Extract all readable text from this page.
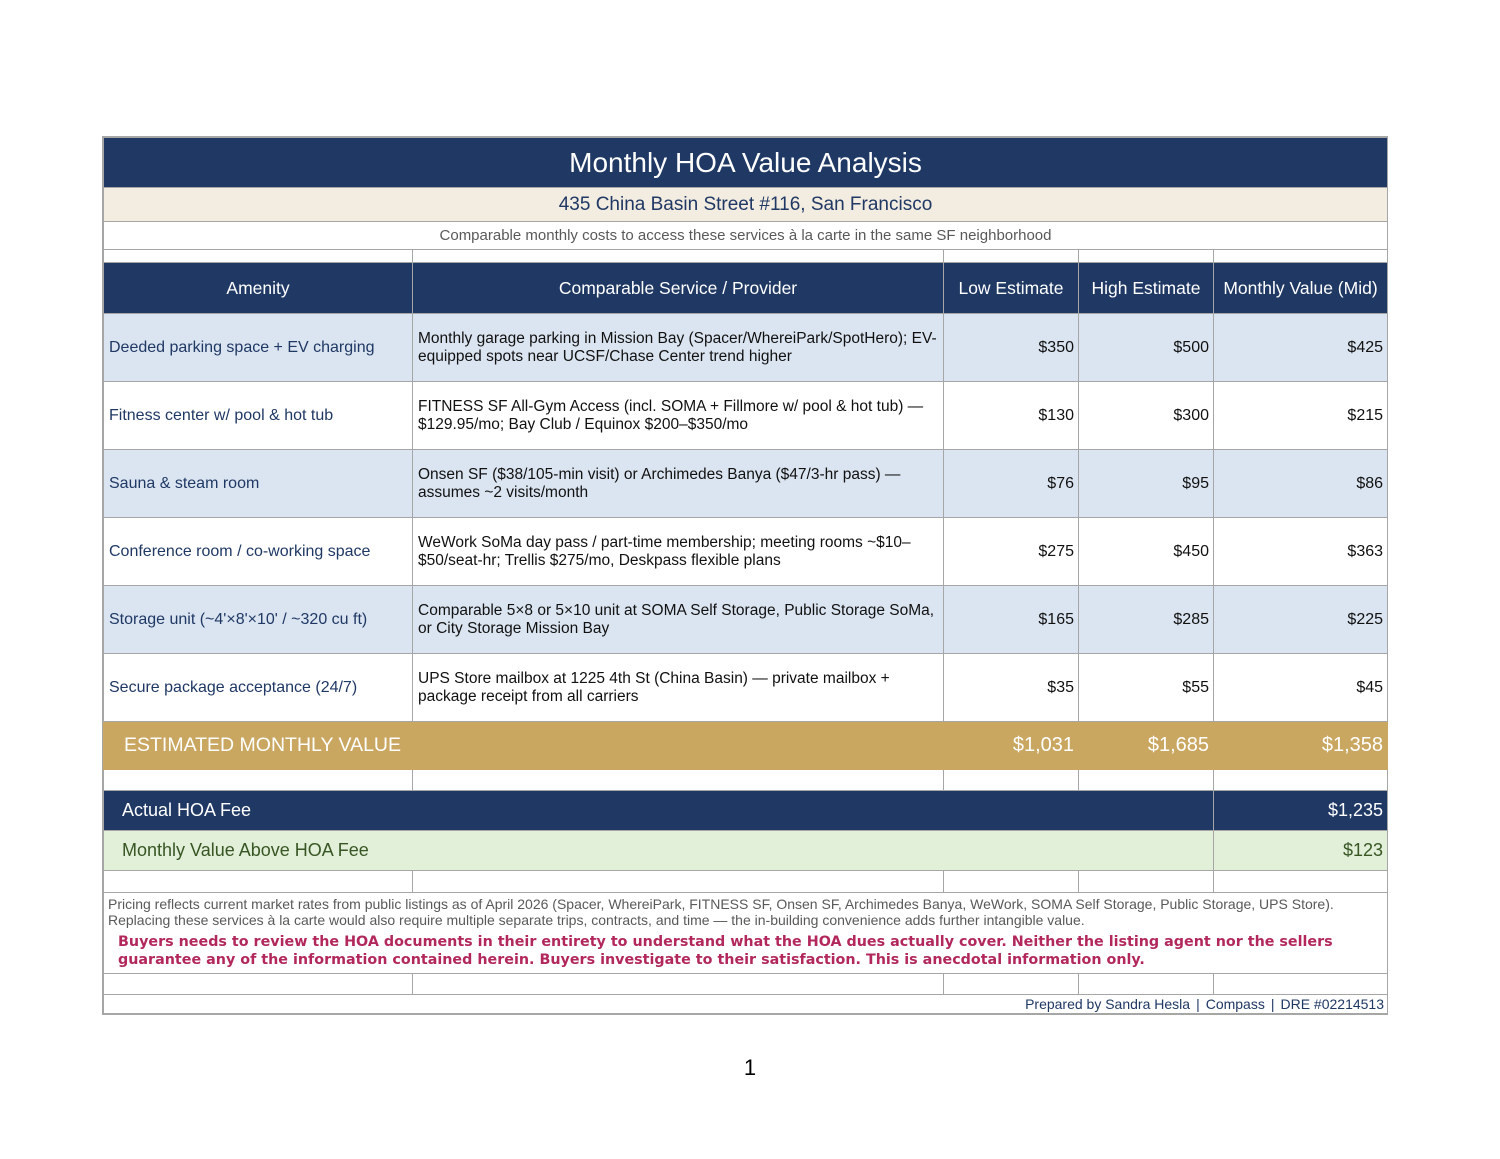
Monthly HOA Value Analysis				
435 China Basin Street #116, San Francisco				
Comparable monthly costs to access these services à la carte in the same SF neighborhood				

Amenity	Comparable Service / Provider	Low Estimate	High Estimate	Monthly Value (Mid)
Deeded parking space + EV charging	Monthly garage parking in Mission Bay (Spacer/WhereiPark/SpotHero); EV-equipped spots near UCSF/Chase Center trend higher	$350	$500	$425
Fitness center w/ pool & hot tub	FITNESS SF All-Gym Access (incl. SOMA + Fillmore w/ pool & hot tub) — $129.95/mo; Bay Club / Equinox $200–$350/mo	$130	$300	$215
Sauna & steam room	Onsen SF ($38/105-min visit) or Archimedes Banya ($47/3-hr pass) — assumes ~2 visits/month	$76	$95	$86
Conference room / co-working space	WeWork SoMa day pass / part-time membership; meeting rooms ~$10–$50/seat-hr; Trellis $275/mo, Deskpass flexible plans	$275	$450	$363
Storage unit (~4'×8'×10' / ~320 cu ft)	Comparable 5×8 or 5×10 unit at SOMA Self Storage, Public Storage SoMa, or City Storage Mission Bay	$165	$285	$225
Secure package acceptance (24/7)	UPS Store mailbox at 1225 4th St (China Basin) — private mailbox + package receipt from all carriers	$35	$55	$45
ESTIMATED MONTHLY VALUE		$1,031	$1,685	$1,358

Actual HOA Fee				$1,235
Monthly Value Above HOA Fee				$123

Pricing reflects current market rates from public listings as of April 2026 (Spacer, WhereiPark, FITNESS SF, Onsen SF, Archimedes Banya, WeWork, SOMA Self Storage, Public Storage, UPS Store). Replacing these services à la carte would also require multiple separate trips, contracts, and time — the in-building convenience adds further intangible value.				
Buyers needs to review the HOA documents in their entirety to understand what the HOA dues actually cover. Neither the listing agent nor the sellers guarantee any of the information contained herein. Buyers investigate to their satisfaction. This is anecdotal information only.				

Prepared by Sandra Hesla | Compass | DRE #02214513				
1
